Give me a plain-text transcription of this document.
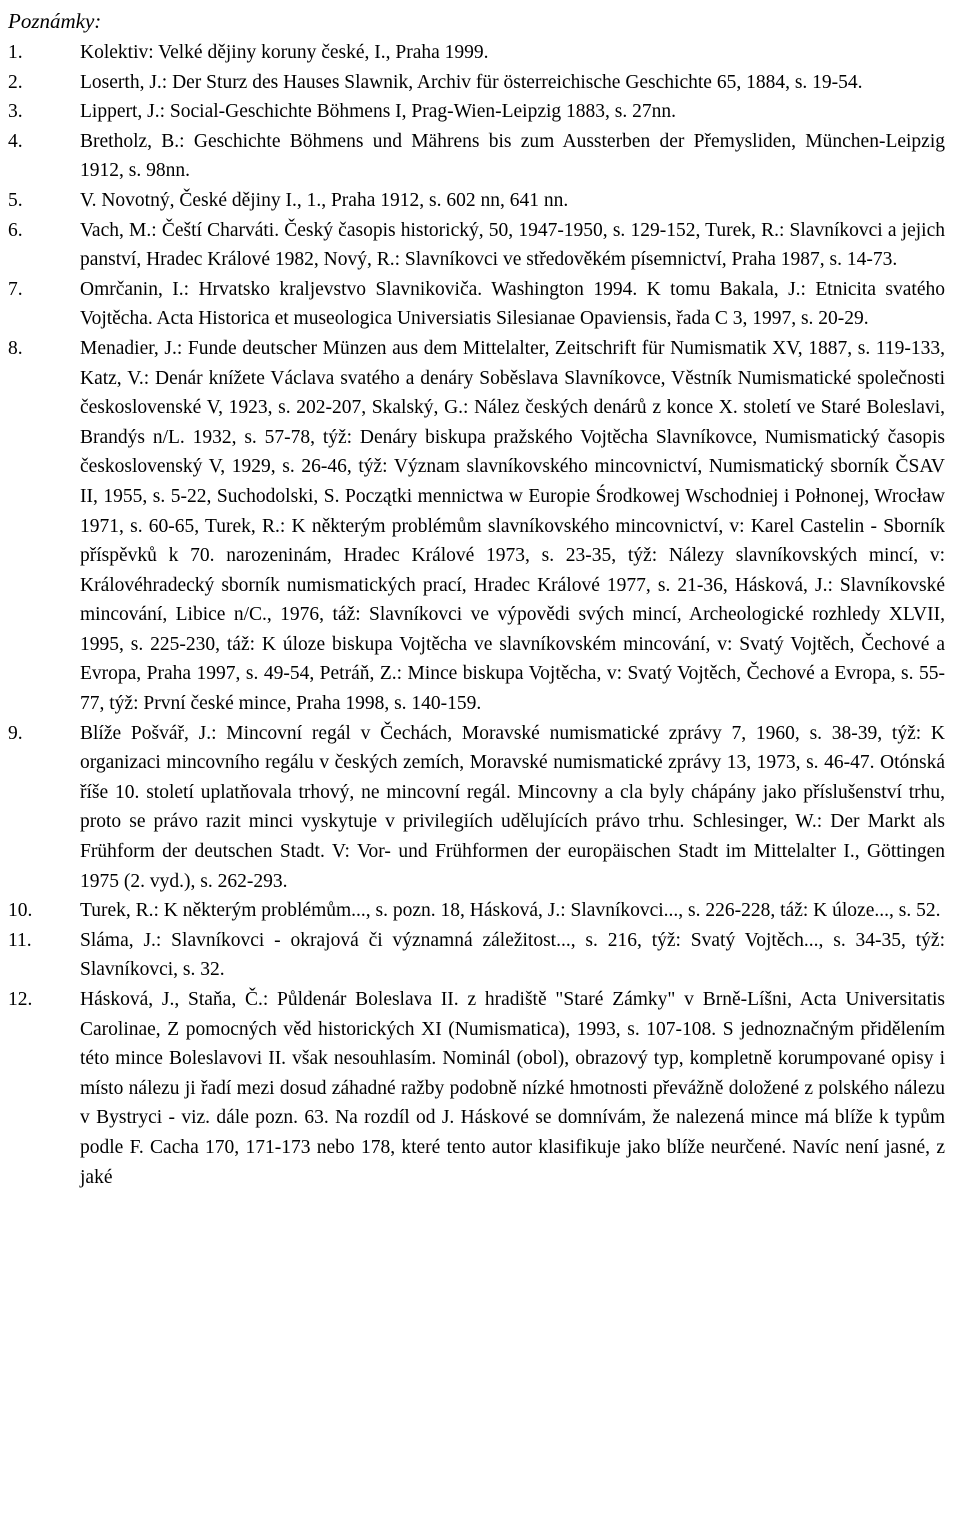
Poznámky:
1.	Kolektiv: Velké dějiny koruny české, I., Praha 1999.
2.	Loserth, J.: Der Sturz des Hauses Slawnik, Archiv für österreichische Geschichte 65, 1884, s. 19-54.
3.	Lippert, J.: Social-Geschichte Böhmens I, Prag-Wien-Leipzig 1883, s. 27nn.
4.	Bretholz, B.: Geschichte Böhmens und Mährens bis zum Aussterben der Přemysliden, München-Leipzig 1912, s. 98nn.
5.	V. Novotný, České dějiny I., 1., Praha 1912, s. 602 nn, 641 nn.
6.	Vach, M.: Čeští Charváti. Český časopis historický, 50, 1947-1950, s. 129-152, Turek, R.: Slavníkovci a jejich panství, Hradec Králové 1982, Nový, R.: Slavníkovci ve středověkém písemnictví, Praha 1987, s. 14-73.
7.	Omrčanin, I.: Hrvatsko kraljevstvo Slavnikoviča. Washington 1994. K tomu Bakala, J.: Etnicita svatého Vojtěcha. Acta Historica et museologica Universiatis Silesianae Opaviensis, řada C 3, 1997, s. 20-29.
8.	Menadier, J.: Funde deutscher Münzen aus dem Mittelalter, Zeitschrift für Numismatik XV, 1887, s. 119-133, Katz, V.: Denár knížete Václava svatého a denáry Soběslava Slavníkovce, Věstník Numismatické společnosti československé V, 1923, s. 202-207, Skalský, G.: Nález českých denárů z konce X. století ve Staré Boleslavi, Brandýs n/L. 1932, s. 57-78, týž: Denáry biskupa pražského Vojtěcha Slavníkovce, Numismatický časopis československý V, 1929, s. 26-46, týž: Význam slavníkovského mincovnictví, Numismatický sborník ČSAV II, 1955, s. 5-22, Suchodolski, S. Początki mennictwa w Europie Środkowej Wschodniej i Połnonej, Wrocław 1971, s. 60-65, Turek, R.: K některým problémům slavníkovského mincovnictví, v: Karel Castelin - Sborník příspěvků k 70. narozeninám, Hradec Králové 1973, s. 23-35, týž: Nálezy slavníkovských mincí, v: Královéhradecký sborník numismatických prací, Hradec Králové 1977, s. 21-36, Hásková, J.: Slavníkovské mincování, Libice n/C., 1976, táž: Slavníkovci ve výpovědi svých mincí, Archeologické rozhledy XLVII, 1995, s. 225-230, táž: K úloze biskupa Vojtěcha ve slavníkovském mincování, v: Svatý Vojtěch, Čechové a Evropa, Praha 1997, s. 49-54, Petráň, Z.: Mince biskupa Vojtěcha, v: Svatý Vojtěch, Čechové a Evropa, s. 55-77, týž: První české mince, Praha 1998, s. 140-159.
9.	Blíže Pošvář, J.: Mincovní regál v Čechách, Moravské numismatické zprávy 7, 1960, s. 38-39, týž: K organizaci mincovního regálu v českých zemích, Moravské numismatické zprávy 13, 1973, s. 46-47. Otónská říše 10. století uplatňovala trhový, ne mincovní regál. Mincovny a cla byly chápány jako příslušenství trhu, proto se právo razit minci vyskytuje v privilegiích udělujících právo trhu. Schlesinger, W.: Der Markt als Frühform der deutschen Stadt. V: Vor- und Frühformen der europäischen Stadt im Mittelalter I., Göttingen 1975 (2. vyd.), s. 262-293.
10.	Turek, R.: K některým problémům..., s. pozn. 18, Hásková, J.: Slavníkovci..., s. 226-228, táž: K úloze..., s. 52.
11.	Sláma, J.: Slavníkovci - okrajová či významná záležitost..., s. 216, týž: Svatý Vojtěch..., s. 34-35, týž: Slavníkovci, s. 32.
12.	Hásková, J., Staňa, Č.: Půldenár Boleslava II. z hradiště "Staré Zámky" v Brně-Líšni, Acta Universitatis Carolinae, Z pomocných věd historických XI (Numismatica), 1993, s. 107-108. S jednoznačným přidělením této mince Boleslavovi II. však nesouhlasím. Nominál (obol), obrazový typ, kompletně korumpované opisy i místo nálezu ji řadí mezi dosud záhadné ražby podobně nízké hmotnosti převážně doložené z polského nálezu v Bystryci - viz. dále pozn. 63. Na rozdíl od J. Háskové se domnívám, že nalezená mince má blíže k typům podle F. Cacha 170, 171-173 nebo 178, které tento autor klasifikuje jako blíže neurčené. Navíc není jasné, z jaké
